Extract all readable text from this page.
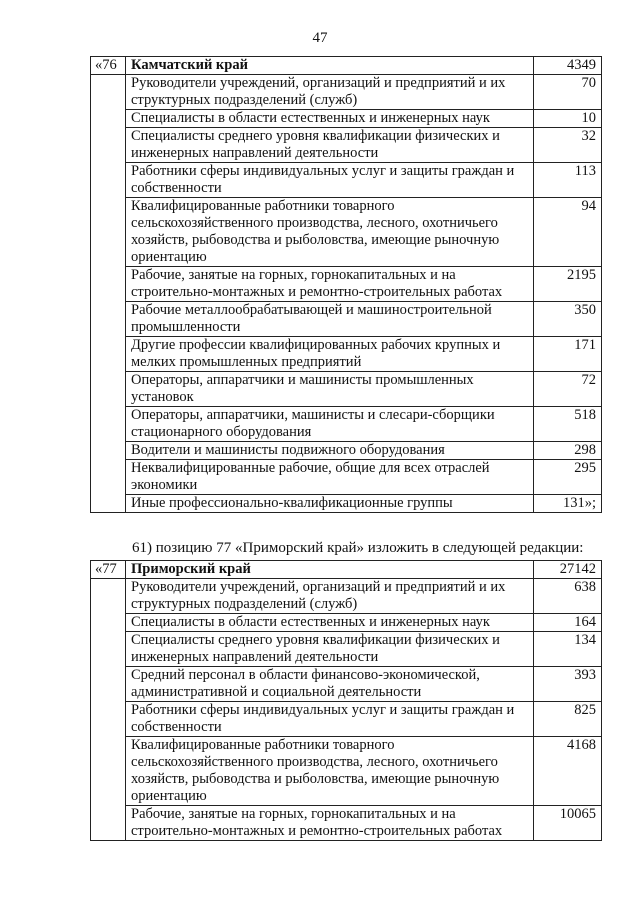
47
«76	Камчатский край	4349
	Руководители учреждений, организаций и предприятий и их структурных подразделений (служб)	70
	Специалисты в области естественных и инженерных наук	10
	Специалисты среднего уровня квалификации физических и инженерных направлений деятельности	32
	Работники сферы индивидуальных услуг и защиты граждан и собственности	113
	Квалифицированные работники товарного сельскохозяйственного производства, лесного, охотничьего хозяйств, рыбоводства и рыболовства, имеющие рыночную ориентацию	94
	Рабочие, занятые на горных, горнокапитальных и на строительно-монтажных и ремонтно-строительных работах	2195
	Рабочие металлообрабатывающей и машиностроительной промышленности	350
	Другие профессии квалифицированных рабочих крупных и мелких промышленных предприятий	171
	Операторы, аппаратчики и машинисты промышленных установок	72
	Операторы, аппаратчики, машинисты и слесари-сборщики стационарного оборудования	518
	Водители и машинисты подвижного оборудования	298
	Неквалифицированные рабочие, общие для всех отраслей экономики	295
	Иные профессионально-квалификационные группы	131»;
61) позицию 77 «Приморский край» изложить в следующей редакции:
«77	Приморский край	27142
	Руководители учреждений, организаций и предприятий и их структурных подразделений (служб)	638
	Специалисты в области естественных и инженерных наук	164
	Специалисты среднего уровня квалификации физических и инженерных направлений деятельности	134
	Средний персонал в области финансово-экономической, административной и социальной деятельности	393
	Работники сферы индивидуальных услуг и защиты граждан и собственности	825
	Квалифицированные работники товарного сельскохозяйственного производства, лесного, охотничьего хозяйств, рыбоводства и рыболовства, имеющие рыночную ориентацию	4168
	Рабочие, занятые на горных, горнокапитальных и на строительно-монтажных и ремонтно-строительных работах	10065
